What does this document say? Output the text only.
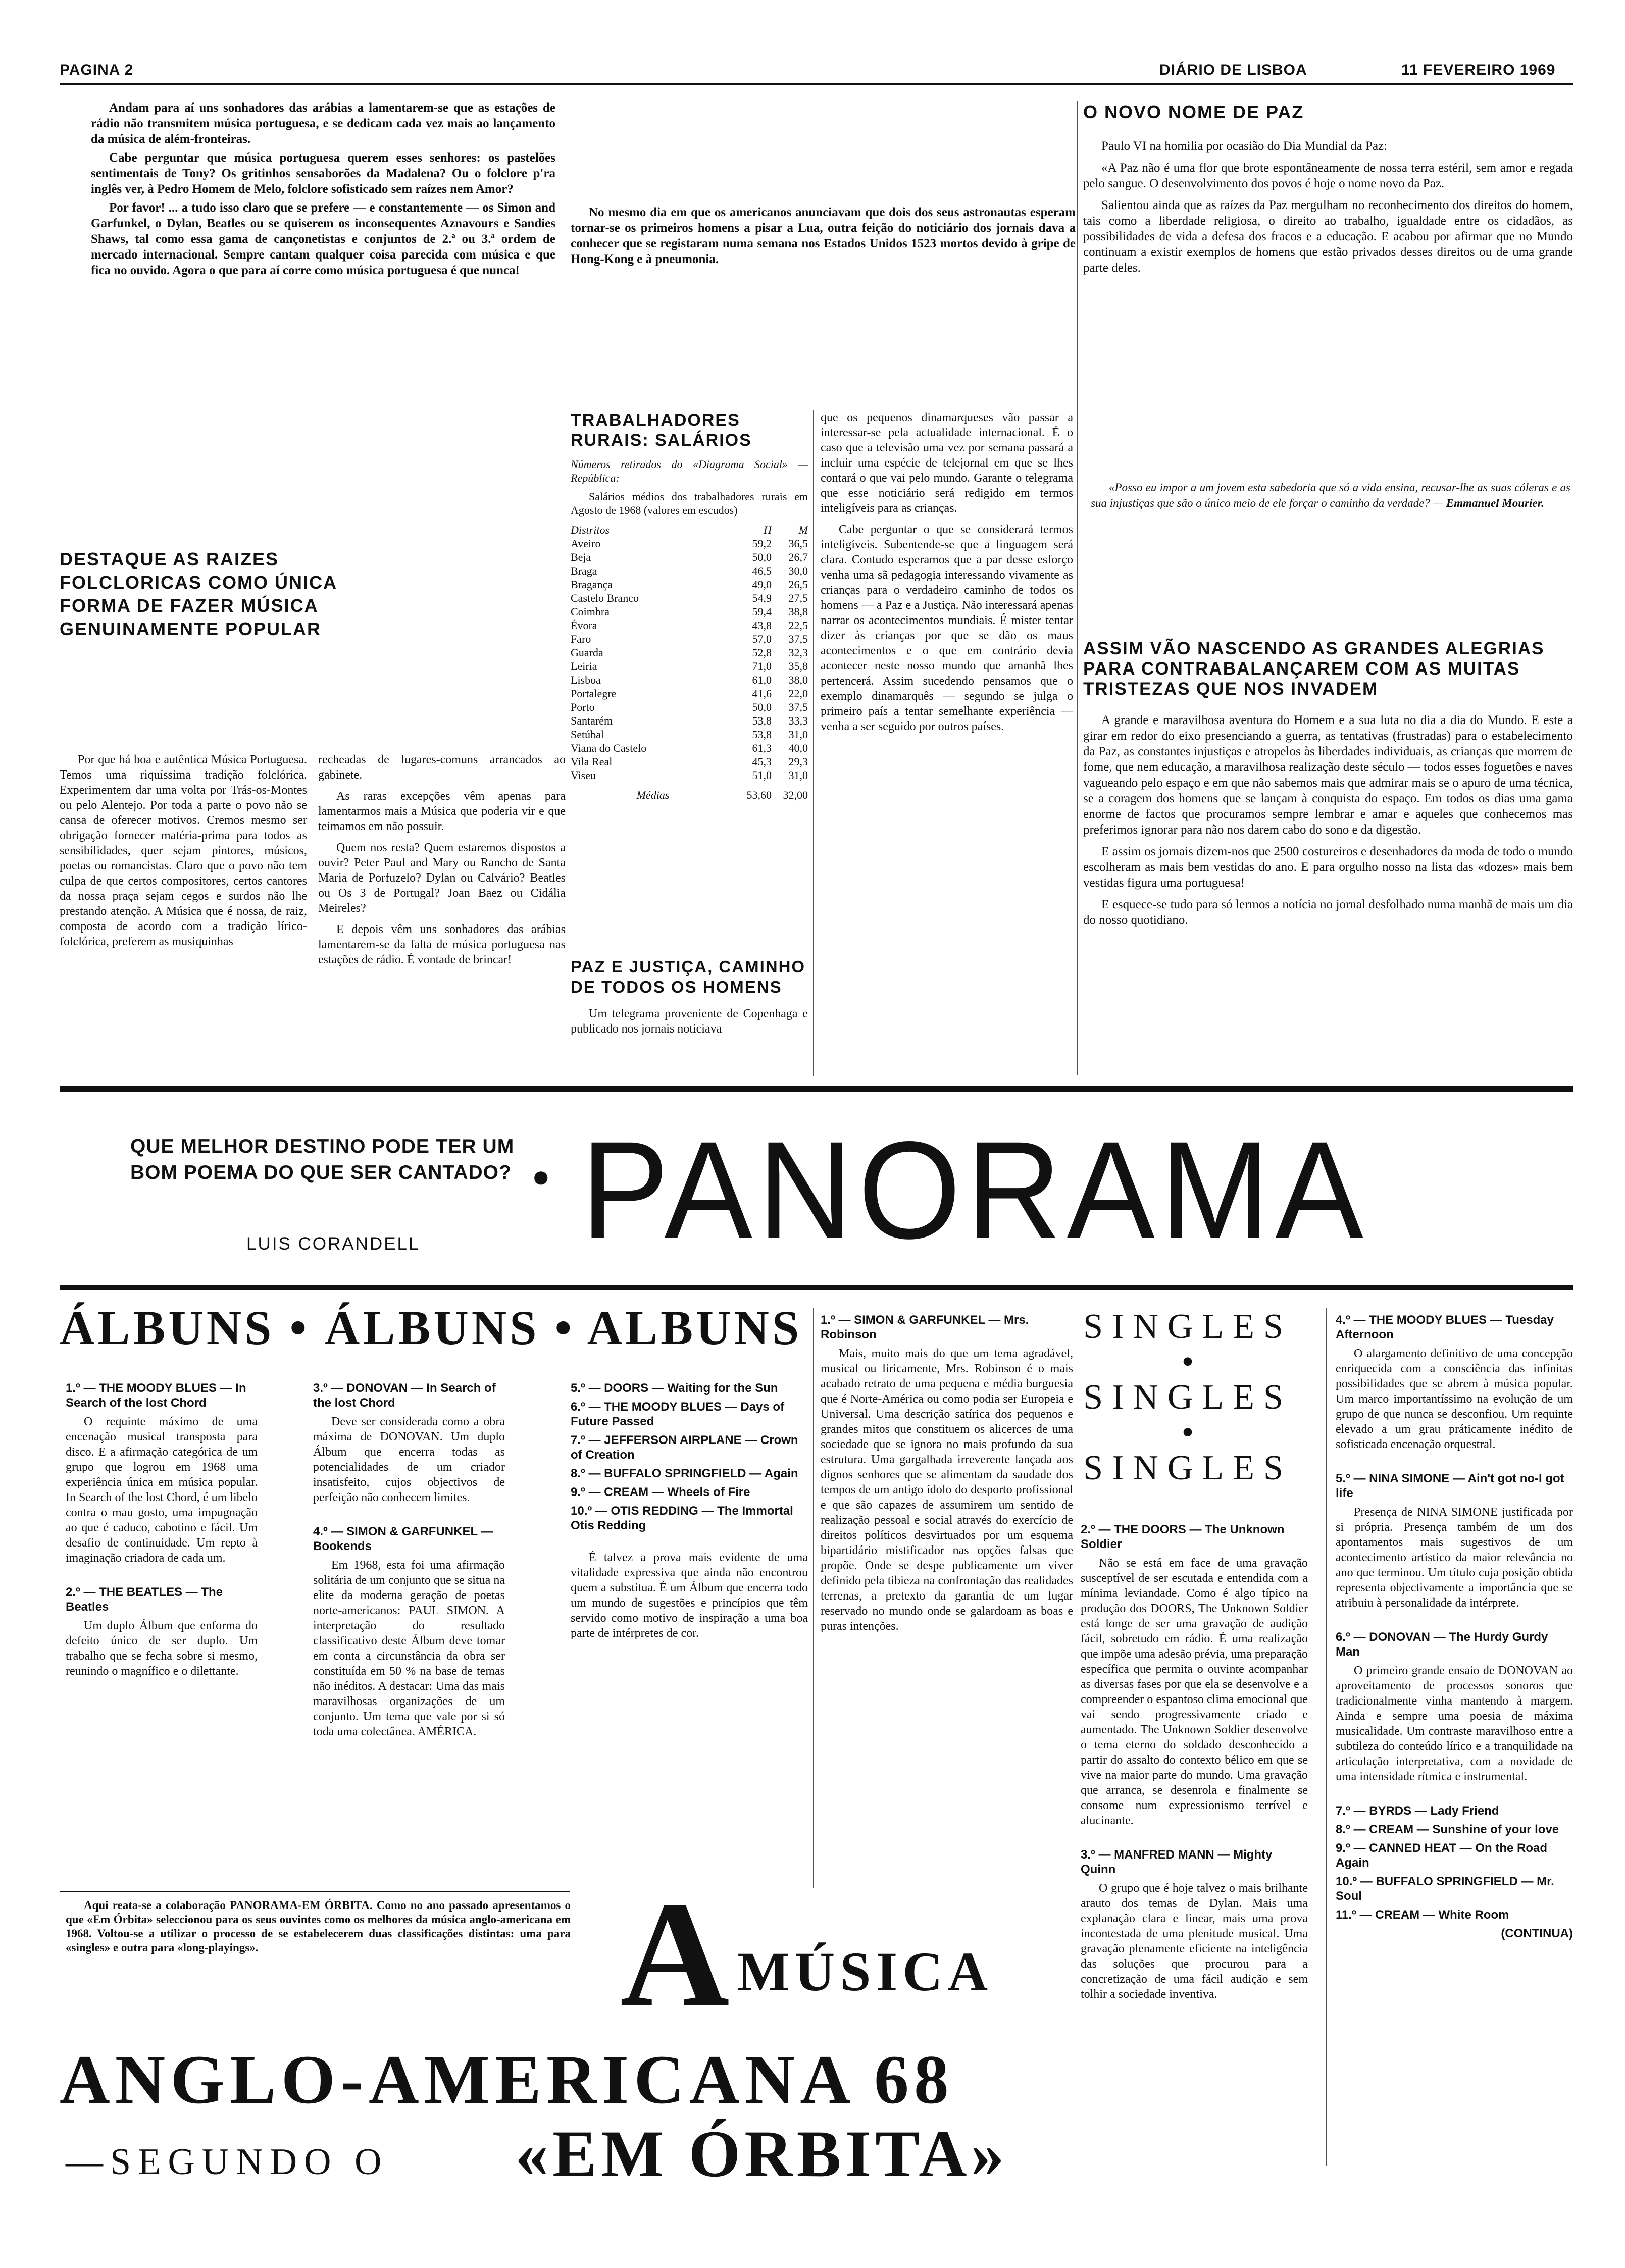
PAGINA 2	DIÁRIO DE LISBOA	11 FEVEREIRO 1969

Andam para aí uns sonhadores das arábias a lamentarem-se que as estações de rádio não transmitem música portuguesa, e se dedicam cada vez mais ao lançamento da música de além-fronteiras.

Cabe perguntar que música portuguesa querem esses senhores: os pastelões sentimentais de Tony? Os gritinhos sensaborões da Madalena? Ou o folclore p'ra inglês ver, à Pedro Homem de Melo, folclore sofisticado sem raízes nem Amor?

Por favor! ... a tudo isso claro que se prefere — e constantemente — os Simon and Garfunkel, o Dylan, Beatles ou se quiserem os inconsequentes Aznavours e Sandies Shaws, tal como essa gama de cançonetistas e conjuntos de 2.ª ou 3.ª ordem de mercado internacional. Sempre cantam qualquer coisa parecida com música e que fica no ouvido. Agora o que para aí corre como música portuguesa é que nunca!

No mesmo dia em que os americanos anunciavam que dois dos seus astronautas esperam tornar-se os primeiros homens a pisar a Lua, outra feição do noticiário dos jornais dava a conhecer que se registaram numa semana nos Estados Unidos 1523 mortos devido à gripe de Hong-Kong e à pneumonia.

O NOVO NOME DE PAZ

Paulo VI na homilia por ocasião do Dia Mundial da Paz:

«A Paz não é uma flor que brote espontâneamente de nossa terra estéril, sem amor e regada pelo sangue. O desenvolvimento dos povos é hoje o nome novo da Paz.

Salientou ainda que as raízes da Paz mergulham no reconhecimento dos direitos do homem, tais como a liberdade religiosa, o direito ao trabalho, igualdade entre os cidadãos, as possibilidades de vida a defesa dos fracos e a educação. E acabou por afirmar que no Mundo continuam a existir exemplos de homens que estão privados desses direitos ou de uma grande parte deles.

«Posso eu impor a um jovem esta sabedoria que só a vida ensina, recusar-lhe as suas cóleras e as sua injustiças que são o único meio de ele forçar o caminho da verdade? — Emmanuel Mourier.

DESTAQUE AS RAIZES FOLCLORICAS COMO ÚNICA FORMA DE FAZER MÚSICA GENUINAMENTE POPULAR

Por que há boa e autêntica Música Portuguesa. Temos uma riquíssima tradição folclórica. Experimentem dar uma volta por Trás-os-Montes ou pelo Alentejo. Por toda a parte o povo não se cansa de oferecer motivos. Cremos mesmo ser obrigação fornecer matéria-prima para todos as sensibilidades, quer sejam pintores, músicos, poetas ou romancistas. Claro que o povo não tem culpa de que certos compositores, certos cantores da nossa praça sejam cegos e surdos não lhe prestando atenção. A Música que é nossa, de raiz, composta de acordo com a tradição lírico-folclórica, preferem as musiquinhas

recheadas de lugares-comuns arrancados ao gabinete.

As raras excepções vêm apenas para lamentarmos mais a Música que poderia vir e que teimamos em não possuir.

Quem nos resta? Quem estaremos dispostos a ouvir? Peter Paul and Mary ou Rancho de Santa Maria de Porfuzelo? Dylan ou Calvário? Beatles ou Os 3 de Portugal? Joan Baez ou Cidália Meireles?

E depois vêm uns sonhadores das arábias lamentarem-se da falta de música portuguesa nas estações de rádio. É vontade de brincar!

TRABALHADORES RURAIS: SALÁRIOS

Números retirados do «Diagrama Social» — República:

Salários médios dos trabalhadores rurais em Agosto de 1968 (valores em escudos)

Distritos	H	M
Aveiro	59,2	36,5
Beja	50,0	26,7
Braga	46,5	30,0
Bragança	49,0	26,5
Castelo Branco	54,9	27,5
Coimbra	59,4	38,8
Évora	43,8	22,5
Faro	57,0	37,5
Guarda	52,8	32,3
Leiria	71,0	35,8
Lisboa	61,0	38,0
Portalegre	41,6	22,0
Porto	50,0	37,5
Santarém	53,8	33,3
Setúbal	53,8	31,0
Viana do Castelo	61,3	40,0
Vila Real	45,3	29,3
Viseu	51,0	31,0
Médias	53,60	32,00
PAZ E JUSTIÇA, CAMINHO DE TODOS OS HOMENS

Um telegrama proveniente de Copenhaga e publicado nos jornais noticiava

que os pequenos dinamarqueses vão passar a interessar-se pela actualidade internacional. É o caso que a televisão uma vez por semana passará a incluir uma espécie de telejornal em que se lhes contará o que vai pelo mundo. Garante o telegrama que esse noticiário será redigido em termos inteligíveis para as crianças.

Cabe perguntar o que se considerará termos inteligíveis. Subentende-se que a linguagem será clara. Contudo esperamos que a par desse esforço venha uma sã pedagogia interessando vivamente as crianças para o verdadeiro caminho de todos os homens — a Paz e a Justiça. Não interessará apenas narrar os acontecimentos mundiais. É mister tentar dizer às crianças por que se dão os maus acontecimentos e o que em contrário devia acontecer neste nosso mundo que amanhã lhes pertencerá. Assim sucedendo pensamos que o exemplo dinamarquês — segundo se julga o primeiro país a tentar semelhante experiência — venha a ser seguido por outros países.

ASSIM VÃO NASCENDO AS GRANDES ALEGRIAS PARA CONTRABALANÇAREM COM AS MUITAS TRISTEZAS QUE NOS INVADEM

A grande e maravilhosa aventura do Homem e a sua luta no dia a dia do Mundo. E este a girar em redor do eixo presenciando a guerra, as tentativas (frustradas) para o estabelecimento da Paz, as constantes injustiças e atropelos às liberdades individuais, as crianças que morrem de fome, que nem educação, a maravilhosa realização deste século — todos esses foguetões e naves vagueando pelo espaço e em que não sabemos mais que admirar mais se o apuro de uma técnica, se a coragem dos homens que se lançam à conquista do espaço. Em todos os dias uma gama enorme de factos que procuramos sempre lembrar e amar e aqueles que conhecemos mas preferimos ignorar para não nos darem cabo do sono e da digestão.

E assim os jornais dizem-nos que 2500 costureiros e desenhadores da moda de todo o mundo escolheram as mais bem vestidas do ano. E para orgulho nosso na lista das «dozes» mais bem vestidas figura uma portuguesa!

E esquece-se tudo para só lermos a notícia no jornal desfolhado numa manhã de mais um dia do nosso quotidiano.

QUE MELHOR DESTINO PODE TER UM BOM POEMA DO QUE SER CANTADO?
LUIS CORANDELL
• PANORAMA
ÁLBUNS • ÁLBUNS • ALBUNS

1.º — THE MOODY BLUES — In Search of the lost Chord

O requinte máximo de uma encenação musical transposta para disco. E a afirmação categórica de um grupo que logrou em 1968 uma experiência única em música popular. In Search of the lost Chord, é um libelo contra o mau gosto, uma impugnação ao que é caduco, cabotino e fácil. Um desafio de continuidade. Um repto à imaginação criadora de cada um.

2.º — THE BEATLES — The Beatles

Um duplo Álbum que enforma do defeito único de ser duplo. Um trabalho que se fecha sobre si mesmo, reunindo o magnífico e o dilettante.

3.º — DONOVAN — In Search of the lost Chord

Deve ser considerada como a obra máxima de DONOVAN. Um duplo Álbum que encerra todas as potencialidades de um criador insatisfeito, cujos objectivos de perfeição não conhecem limites.

4.º — SIMON & GARFUNKEL — Bookends

Em 1968, esta foi uma afirmação solitária de um conjunto que se situa na elite da moderna geração de poetas norte-americanos: PAUL SIMON. A interpretação do resultado classificativo deste Álbum deve tomar em conta a circunstância da obra ser constituída em 50 % na base de temas não inéditos. A destacar: Uma das mais maravilhosas organizações de um conjunto. Um tema que vale por si só toda uma colectânea. AMÉRICA.

5.º — DOORS — Waiting for the Sun

6.º — THE MOODY BLUES — Days of Future Passed

7.º — JEFFERSON AIRPLANE — Crown of Creation

8.º — BUFFALO SPRINGFIELD — Again

9.º — CREAM — Wheels of Fire

10.º — OTIS REDDING — The Immortal Otis Redding

É talvez a prova mais evidente de uma vitalidade expressiva que ainda não encontrou quem a substitua. É um Álbum que encerra todo um mundo de sugestões e princípios que têm servido como motivo de inspiração a uma boa parte de intérpretes de cor.

1.º — SIMON & GARFUNKEL — Mrs. Robinson

Mais, muito mais do que um tema agradável, musical ou liricamente, Mrs. Robinson é o mais acabado retrato de uma pequena e média burguesia que é Norte-América ou como podia ser Europeia e Universal. Uma descrição satírica dos pequenos e grandes mitos que constituem os alicerces de uma sociedade que se ignora no mais profundo da sua estrutura. Uma gargalhada irreverente lançada aos dignos senhores que se alimentam da saudade dos tempos de um antigo ídolo do desporto profissional e que são capazes de assumirem um sentido de realização pessoal e social através do exercício de direitos políticos desvirtuados por um esquema bipartidário mistificador nas opções falsas que propõe. Onde se despe publicamente um viver definido pela tibieza na confrontação das realidades terrenas, a pretexto da garantia de um lugar reservado no mundo onde se galardoam as boas e puras intenções.

SINGLES
•
SINGLES
•
SINGLES

2.º — THE DOORS — The Unknown Soldier

Não se está em face de uma gravação susceptível de ser escutada e entendida com a mínima leviandade. Como é algo típico na produção dos DOORS, The Unknown Soldier está longe de ser uma gravação de audição fácil, sobretudo em rádio. É uma realização que impõe uma adesão prévia, uma preparação específica que permita o ouvinte acompanhar as diversas fases por que ela se desenvolve e a compreender o espantoso clima emocional que vai sendo progressivamente criado e aumentado. The Unknown Soldier desenvolve o tema eterno do soldado desconhecido a partir do assalto do contexto bélico em que se vive na maior parte do mundo. Uma gravação que arranca, se desenrola e finalmente se consome num expressionismo terrível e alucinante.

3.º — MANFRED MANN — Mighty Quinn

O grupo que é hoje talvez o mais brilhante arauto dos temas de Dylan. Mais uma explanação clara e linear, mais uma prova incontestada de uma plenitude musical. Uma gravação plenamente eficiente na inteligência das soluções que procurou para a concretização de uma fácil audição e sem tolhir a sociedade inventiva.

4.º — THE MOODY BLUES — Tuesday Afternoon

O alargamento definitivo de uma concepção enriquecida com a consciência das infinitas possibilidades que se abrem à música popular. Um marco importantíssimo na evolução de um grupo de que nunca se desconfiou. Um requinte elevado a um grau práticamente inédito de sofisticada encenação orquestral.

5.º — NINA SIMONE — Ain't got no-I got life

Presença de NINA SIMONE justificada por si própria. Presença também de um dos apontamentos mais sugestivos de um acontecimento artístico da maior relevância no ano que terminou. Um título cuja posição obtida representa objectivamente a importância que se atribuiu à personalidade da intérprete.

6.º — DONOVAN — The Hurdy Gurdy Man

O primeiro grande ensaio de DONOVAN ao aproveitamento de processos sonoros que tradicionalmente vinha mantendo à margem. Ainda e sempre uma poesia de máxima musicalidade. Um contraste maravilhoso entre a subtileza do conteúdo lírico e a tranquilidade na articulação interpretativa, com a novidade de uma intensidade rítmica e instrumental.

7.º — BYRDS — Lady Friend

8.º — CREAM — Sunshine of your love

9.º — CANNED HEAT — On the Road Again

10.º — BUFFALO SPRINGFIELD — Mr. Soul

11.º — CREAM — White Room

(CONTINUA)

Aqui reata-se a colaboração PANORAMA-EM ÓRBITA. Como no ano passado apresentamos o que «Em Órbita» seleccionou para os seus ouvintes como os melhores da música anglo-americana em 1968. Voltou-se a utilizar o processo de se estabelecerem duas classificações distintas: uma para «singles» e outra para «long-playings».	A MÚSICA
ANGLO-AMERICANA 68
—SEGUNDO O «EM ÓRBITA»
